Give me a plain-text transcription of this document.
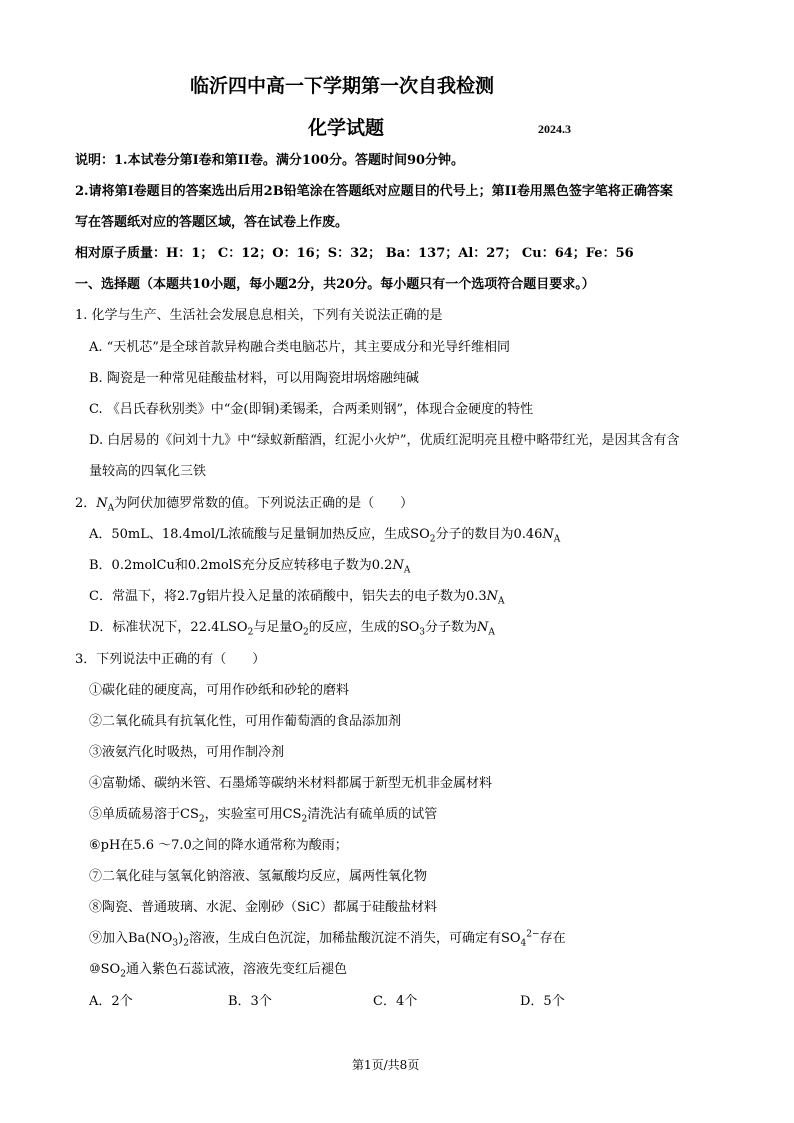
临沂四中高一下学期第一次自我检测
化学试题	2024.3
说明：1.本试卷分第I卷和第II卷。满分100分。答题时间90分钟。
2.请将第I卷题目的答案选出后用2B铅笔涂在答题纸对应题目的代号上；第II卷用黑色签字笔将正确答案
写在答题纸对应的答题区域，答在试卷上作废。
相对原子质量：H：1； C：12；O：16；S：32； Ba：137；Al：27； Cu：64；Fe：56
一、选择题（本题共10小题，每小题2分，共20分。每小题只有一个选项符合题目要求。）
1. 化学与生产、生活社会发展息息相关，下列有关说法正确的是
A. “天机芯”是全球首款异构融合类电脑芯片，其主要成分和光导纤维相同
B. 陶瓷是一种常见硅酸盐材料，可以用陶瓷坩埚熔融纯碱
C. 《吕氏春秋别类》中“金(即铜)柔锡柔，合两柔则钢”，体现合金硬度的特性
D. 白居易的《问刘十九》中“绿蚁新醅酒，红泥小火炉”，优质红泥明亮且橙中略带红光，是因其含有含
量较高的四氧化三铁
2．$N_A$为阿伏加德罗常数的值。下列说法正确的是（　　）
A．50mL、18.4mol/L浓硫酸与足量铜加热反应，生成$SO_2$分子的数目为$0.46N_A$
B．0.2molCu和0.2molS充分反应转移电子数为$0.2N_A$
C．常温下，将2.7g铝片投入足量的浓硝酸中，铝失去的电子数为$0.3N_A$
D．标准状况下，$22.4LSO_2$与足量$O_2$的反应，生成的$SO_3$分子数为$N_A$
3．下列说法中正确的有（　　）
①碳化硅的硬度高，可用作砂纸和砂轮的磨料
②二氧化硫具有抗氧化性，可用作葡萄酒的食品添加剂
③液氨汽化时吸热，可用作制冷剂
④富勒烯、碳纳米管、石墨烯等碳纳米材料都属于新型无机非金属材料
⑤单质硫易溶于$CS_2$，实验室可用$CS_2$清洗沾有硫单质的试管
⑥pH在5.6 ～7.0之间的降水通常称为酸雨；
⑦二氧化硅与氢氧化钠溶液、氢氟酸均反应，属两性氧化物
⑧陶瓷、普通玻璃、水泥、金刚砂（SiC）都属于硅酸盐材料
⑨加入$Ba(NO_3)_2$溶液，生成白色沉淀，加稀盐酸沉淀不消失，可确定有$SO_4^{2-}$存在
$⑩SO_2$通入紫色石蕊试液，溶液先变红后褪色
A．2个	B．3个	C．4个	D．5个
第1页/共8页
